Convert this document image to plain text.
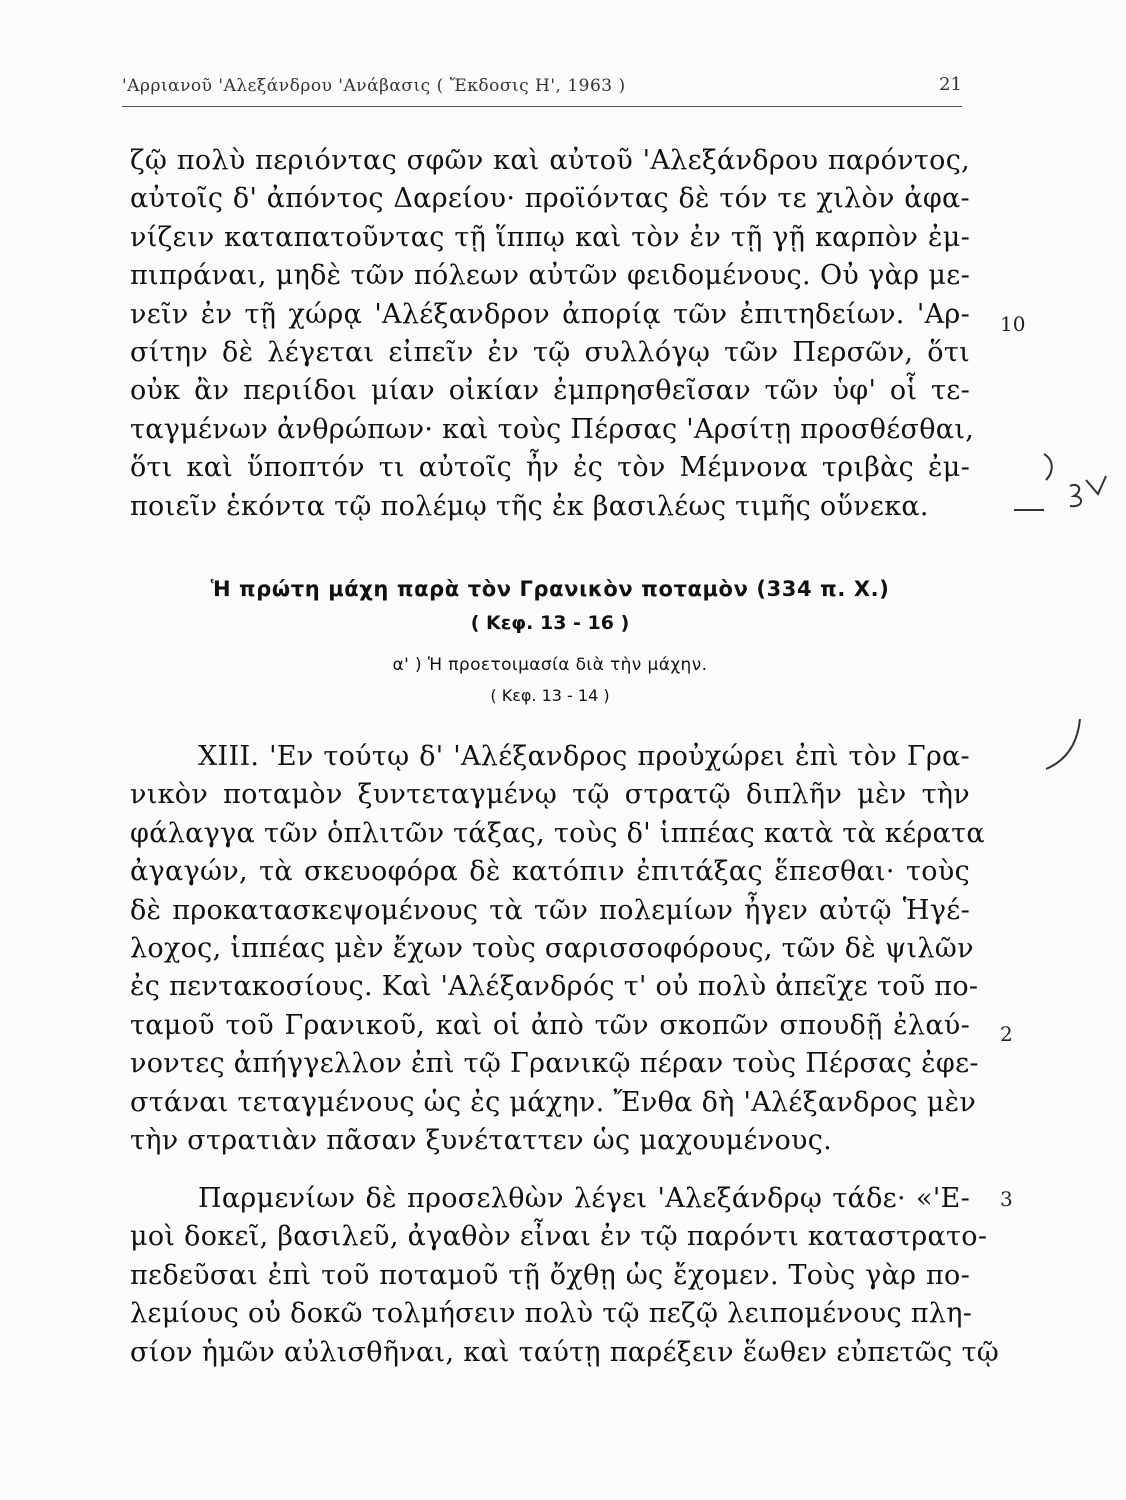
'Αρριανοῦ 'Αλεξάνδρου 'Ανάβασις ( Ἔκδοσις Η', 1963 )	21
ζῷ πολὺ περιόντας σφῶν καὶ αὐτοῦ 'Αλεξάνδρου παρόντος,
αὐτοῖς δ' ἀπόντος Δαρείου· προϊόντας δὲ τόν τε χιλὸν ἀφα-
νίζειν καταπατοῦντας τῇ ἵππῳ καὶ τὸν ἐν τῇ γῇ καρπὸν ἐμ-
πιπράναι, μηδὲ τῶν πόλεων αὐτῶν φειδομένους. Οὐ γὰρ με-
νεῖν ἐν τῇ χώρᾳ 'Αλέξανδρον ἀπορίᾳ τῶν ἐπιτηδείων. 'Αρ-
σίτην δὲ λέγεται εἰπεῖν ἐν τῷ συλλόγῳ τῶν Περσῶν, ὅτι
οὐκ ἂν περιίδοι μίαν οἰκίαν ἐμπρησθεῖσαν τῶν ὑφ' οἷ τε-
ταγμένων ἀνθρώπων· καὶ τοὺς Πέρσας 'Αρσίτῃ προσθέσθαι,
ὅτι καὶ ὕποπτόν τι αὐτοῖς ἦν ἐς τὸν Μέμνονα τριβὰς ἐμ-
ποιεῖν ἑκόντα τῷ πολέμῳ τῆς ἐκ βασιλέως τιμῆς οὕνεκα.
Ἡ πρώτη μάχη παρὰ τὸν Γρανικὸν ποταμὸν (334 π. Χ.)
( Κεφ. 13 - 16 )
α' ) Ἡ προετοιμασία διὰ τὴν μάχην.
( Κεφ. 13 - 14 )
XIII. 'Εν τούτῳ δ' 'Αλέξανδρος προὐχώρει ἐπὶ τὸν Γρα-
νικὸν ποταμὸν ξυντεταγμένῳ τῷ στρατῷ διπλῆν μὲν τὴν
φάλαγγα τῶν ὁπλιτῶν τάξας, τοὺς δ' ἱππέας κατὰ τὰ κέρατα
ἀγαγών, τὰ σκευοφόρα δὲ κατόπιν ἐπιτάξας ἕπεσθαι· τοὺς
δὲ προκατασκεψομένους τὰ τῶν πολεμίων ἦγεν αὐτῷ Ἡγέ-
λοχος, ἱππέας μὲν ἔχων τοὺς σαρισσοφόρους, τῶν δὲ ψιλῶν
ἐς πεντακοσίους. Καὶ 'Αλέξανδρός τ' οὐ πολὺ ἀπεῖχε τοῦ πο-
ταμοῦ τοῦ Γρανικοῦ, καὶ οἱ ἀπὸ τῶν σκοπῶν σπουδῇ ἐλαύ-
νοντες ἀπήγγελλον ἐπὶ τῷ Γρανικῷ πέραν τοὺς Πέρσας ἐφε-
στάναι τεταγμένους ὡς ἐς μάχην. Ἔνθα δὴ 'Αλέξανδρος μὲν
τὴν στρατιὰν πᾶσαν ξυνέταττεν ὡς μαχουμένους.
Παρμενίων δὲ προσελθὼν λέγει 'Αλεξάνδρῳ τάδε· «'Ε-
μοὶ δοκεῖ, βασιλεῦ, ἀγαθὸν εἶναι ἐν τῷ παρόντι καταστρατο-
πεδεῦσαι ἐπὶ τοῦ ποταμοῦ τῇ ὄχθῃ ὡς ἔχομεν. Τοὺς γὰρ πο-
λεμίους οὐ δοκῶ τολμήσειν πολὺ τῷ πεζῷ λειπομένους πλη-
σίον ἡμῶν αὐλισθῆναι, καὶ ταύτῃ παρέξειν ἕωθεν εὐπετῶς τῷ
10
2
3
